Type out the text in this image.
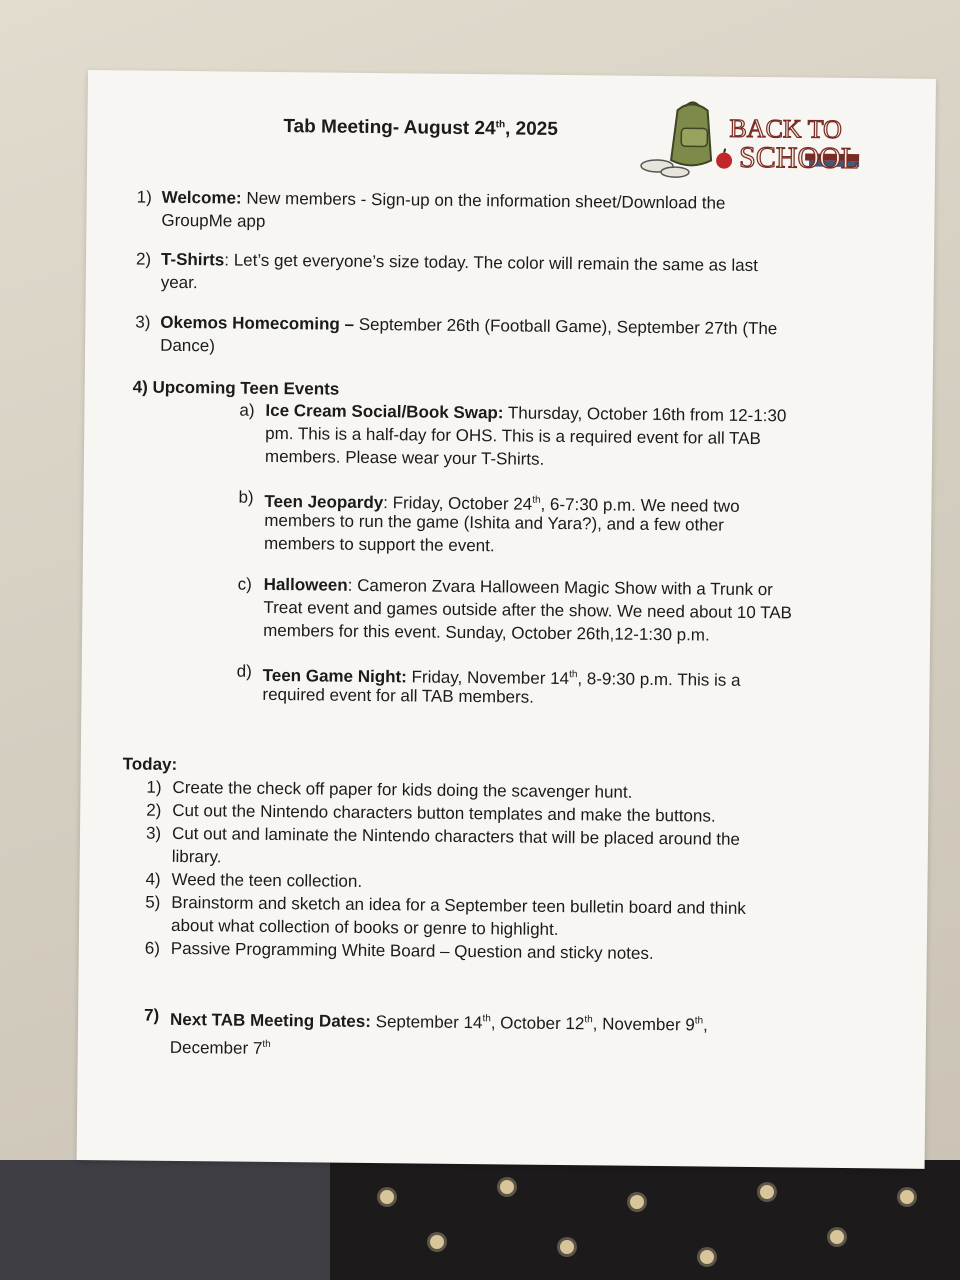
Tab Meeting- August 24th, 2025	BACK TO
SCHOOL
1) Welcome: New members - Sign-up on the information sheet/Download the
GroupMe app
2) T-Shirts: Let’s get everyone’s size today. The color will remain the same as last
year.
3) Okemos Homecoming – September 26th (Football Game), September 27th (The
Dance)
4) Upcoming Teen Events
a) Ice Cream Social/Book Swap: Thursday, October 16th from 12-1:30
pm. This is a half-day for OHS. This is a required event for all TAB
members. Please wear your T-Shirts.
b) Teen Jeopardy: Friday, October 24th, 6-7:30 p.m. We need two
members to run the game (Ishita and Yara?), and a few other
members to support the event.
c) Halloween: Cameron Zvara Halloween Magic Show with a Trunk or
Treat event and games outside after the show. We need about 10 TAB
members for this event. Sunday, October 26th,12-1:30 p.m.
d) Teen Game Night: Friday, November 14th, 8-9:30 p.m. This is a
required event for all TAB members.
Today:
1) Create the check off paper for kids doing the scavenger hunt.
2) Cut out the Nintendo characters button templates and make the buttons.
3) Cut out and laminate the Nintendo characters that will be placed around the
library.
4) Weed the teen collection.
5) Brainstorm and sketch an idea for a September teen bulletin board and think
about what collection of books or genre to highlight.
6) Passive Programming White Board – Question and sticky notes.
7) Next TAB Meeting Dates: September 14th, October 12th, November 9th,
December 7th
